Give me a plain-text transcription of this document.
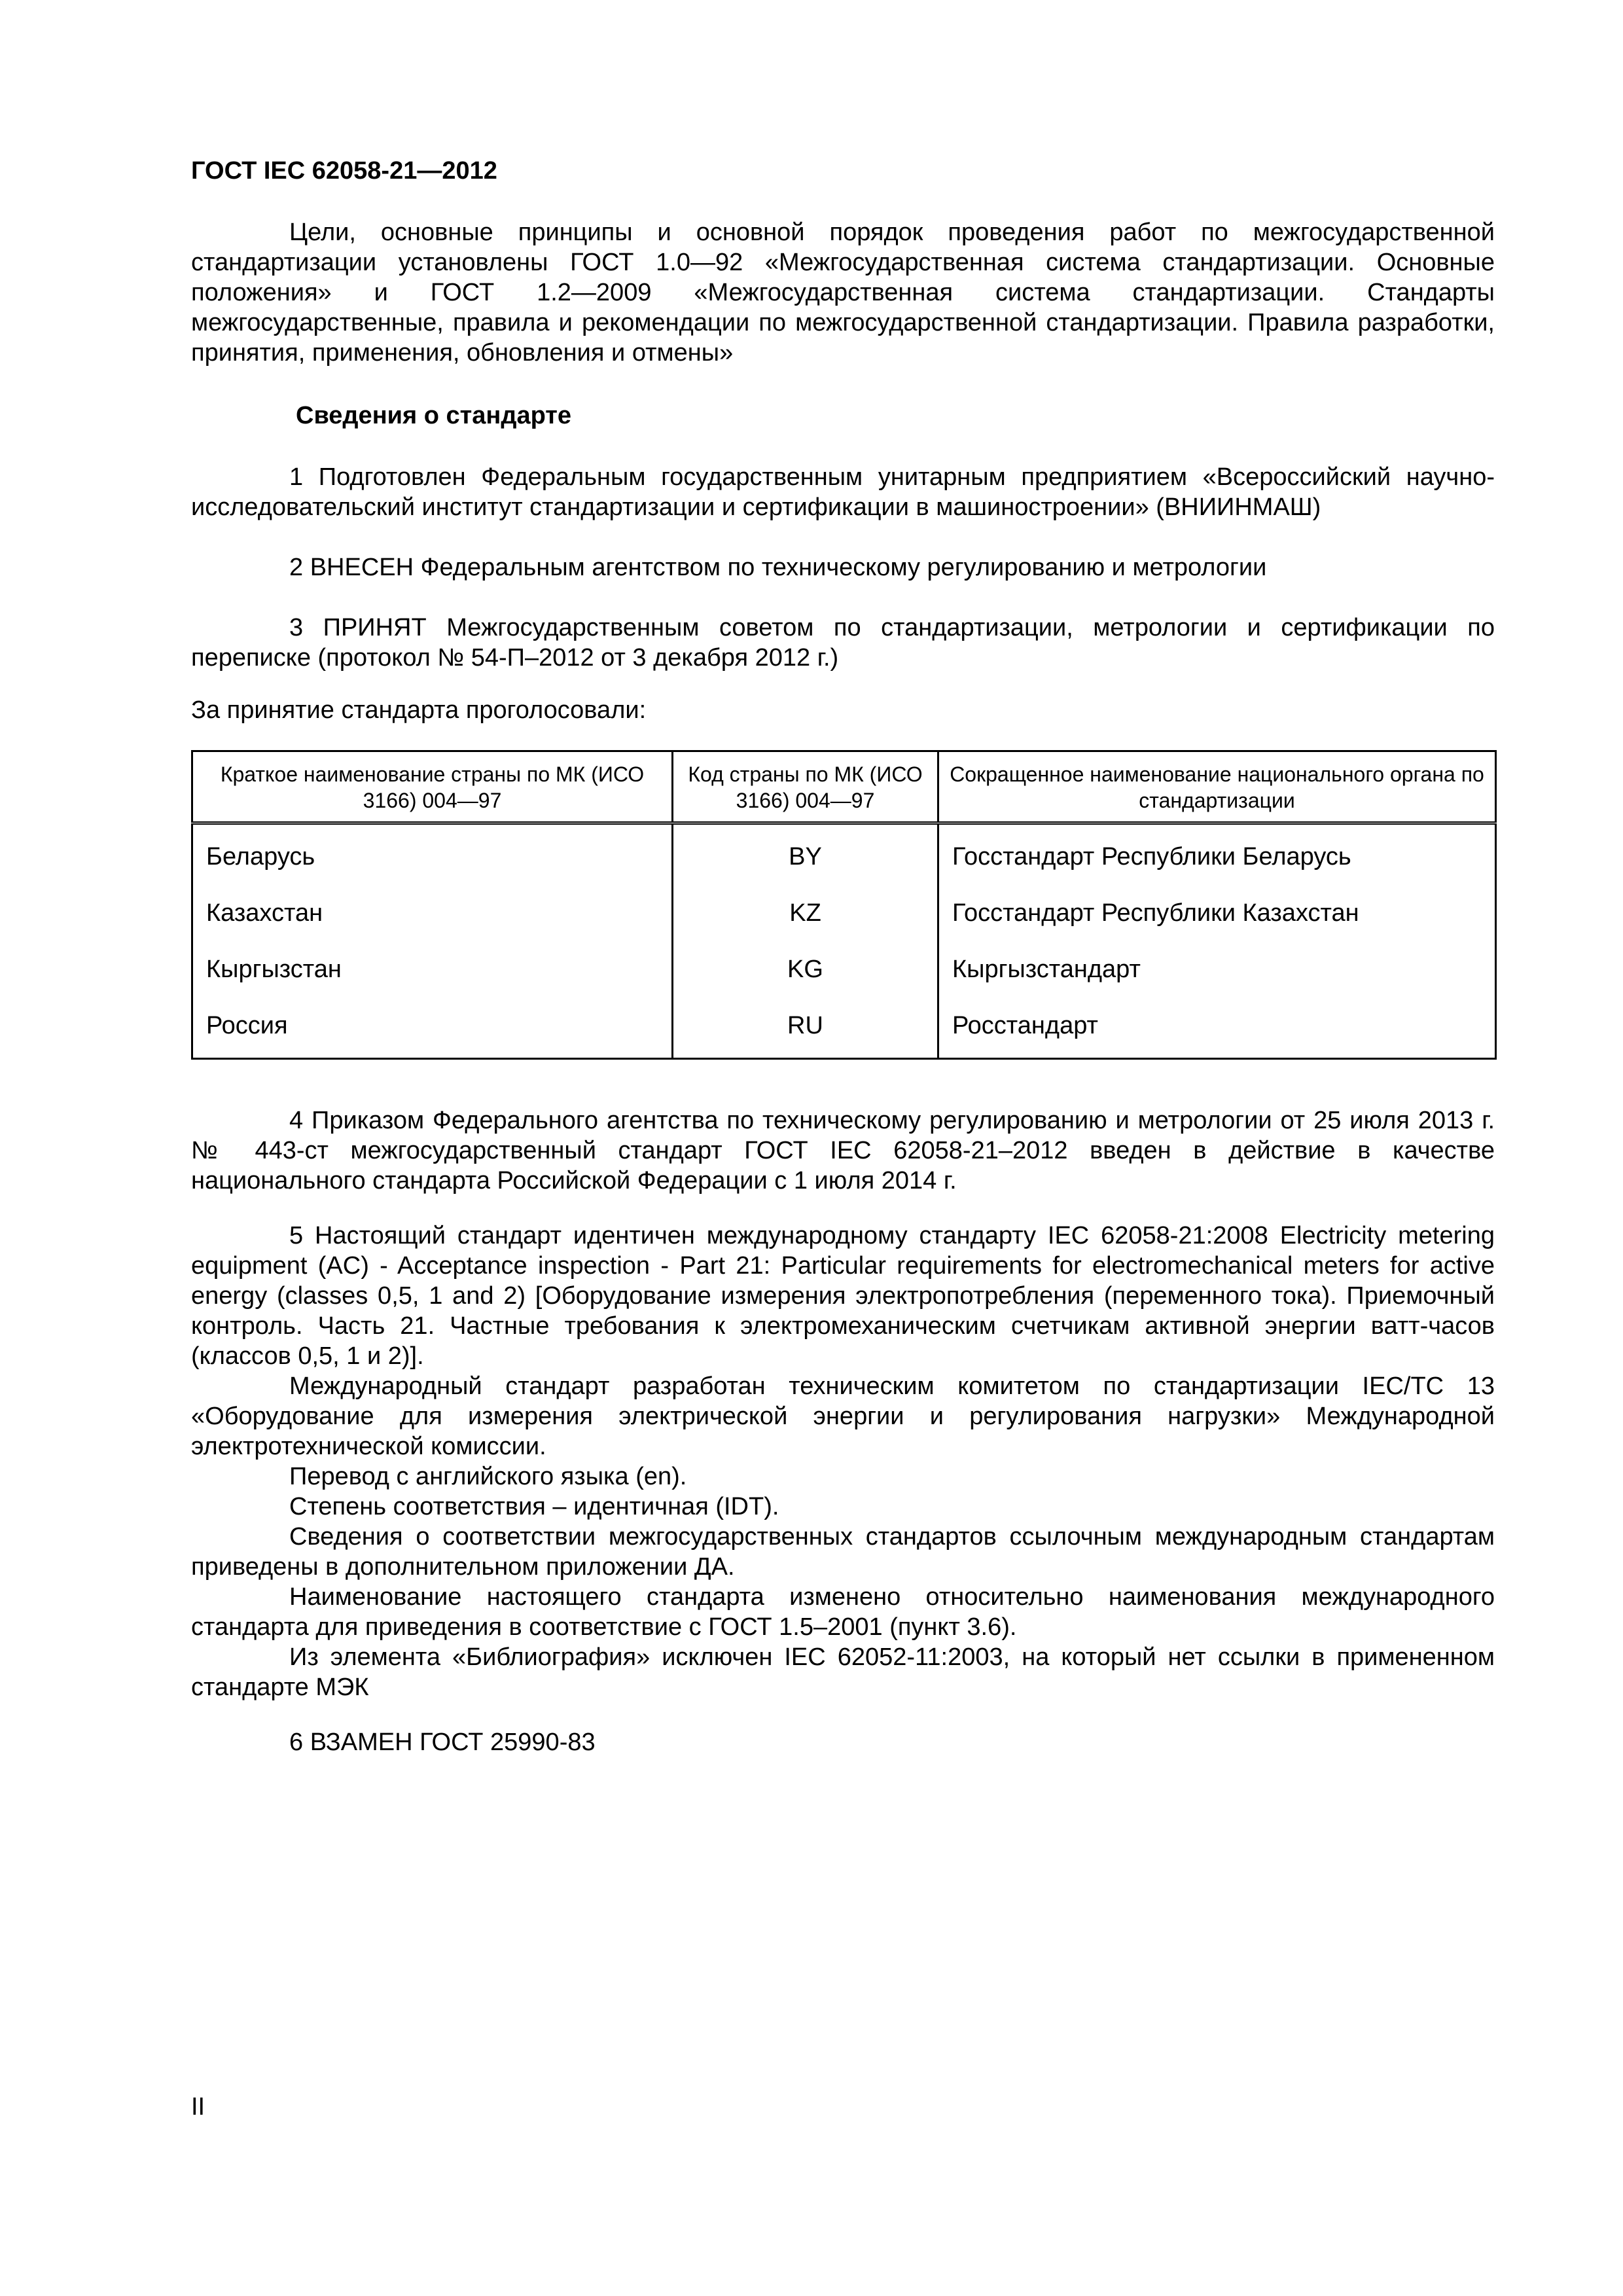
ГОСТ IEC 62058-21—2012

Цели, основные принципы и основной порядок проведения работ по межгосударственной стандартизации установлены ГОСТ 1.0—92 «Межгосударственная система стандартизации. Основные положения» и ГОСТ 1.2—2009 «Межгосударственная система стандартизации. Стандарты межгосударственные, правила и рекомендации по межгосударственной стандартизации. Правила разработки, принятия, применения, обновления и отмены»

Сведения о стандарте

1 Подготовлен Федеральным государственным унитарным предприятием «Всероссийский научно-исследовательский институт стандартизации и сертификации в машиностроении» (ВНИИНМАШ)

2 ВНЕСЕН Федеральным агентством по техническому регулированию и метрологии

3 ПРИНЯТ Межгосударственным советом по стандартизации, метрологии и сертификации по переписке (протокол № 54-П–2012 от 3 декабря 2012 г.)

За принятие стандарта проголосовали:

Краткое наименование страны по МК (ИСО 3166) 004—97	Код страны по МК (ИСО 3166) 004—97	Сокращенное наименование национального органа по стандартизации
Беларусь	BY	Госстандарт Республики Беларусь
Казахстан	KZ	Госстандарт Республики Казахстан
Кыргызстан	KG	Кыргызстандарт
Россия	RU	Росстандарт

4 Приказом Федерального агентства по техническому регулированию и метрологии от 25 июля 2013 г. № 443-ст межгосударственный стандарт ГОСТ IEC 62058-21–2012 введен в действие в качестве национального стандарта Российской Федерации с 1 июля 2014 г.

5 Настоящий стандарт идентичен международному стандарту IEC 62058-21:2008 Electricity metering equipment (AC) - Acceptance inspection - Part 21: Particular requirements for electromechanical meters for active energy (classes 0,5, 1 and 2) [Оборудование измерения электропотребления (переменного тока). Приемочный контроль. Часть 21. Частные требования к электромеханическим счетчикам активной энергии ватт-часов (классов 0,5, 1 и 2)].

Международный стандарт разработан техническим комитетом по стандартизации IEC/TC 13 «Оборудование для измерения электрической энергии и регулирования нагрузки» Международной электротехнической комиссии.

Перевод с английского языка (en).

Степень соответствия – идентичная (IDT).

Сведения о соответствии межгосударственных стандартов ссылочным международным стандартам приведены в дополнительном приложении ДА.

Наименование настоящего стандарта изменено относительно наименования международного стандарта для приведения в соответствие с ГОСТ 1.5–2001 (пункт 3.6).

Из элемента «Библиография» исключен IEC 62052-11:2003, на который нет ссылки в примененном стандарте МЭК

6 ВЗАМЕН ГОСТ 25990-83

II
